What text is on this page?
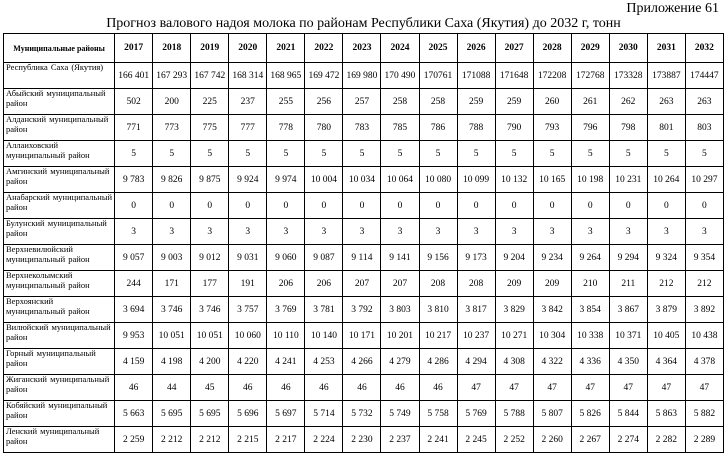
Приложение 61
Прогноз валового надоя молока по районам Республики Саха (Якутия) до 2032 г, тонн
Муниципальные районы	2017	2018	2019	2020	2021	2022	2023	2024	2025	2026	2027	2028	2029	2030	2031	2032
Республика Саха (Якутия)	166 401	167 293	167 742	168 314	168 965	169 472	169 980	170 490	170761	171088	171648	172208	172768	173328	173887	174447
Абыйский муниципальный район	502	200	225	237	255	256	257	258	258	259	259	260	261	262	263	263
Алданский муниципальный район	771	773	775	777	778	780	783	785	786	788	790	793	796	798	801	803
Аллаиховский муниципальный район	5	5	5	5	5	5	5	5	5	5	5	5	5	5	5	5
Амгинский муниципальный район	9 783	9 826	9 875	9 924	9 974	10 004	10 034	10 064	10 080	10 099	10 132	10 165	10 198	10 231	10 264	10 297
Анабарский муниципальный район	0	0	0	0	0	0	0	0	0	0	0	0	0	0	0	0
Булунский муниципальный район	3	3	3	3	3	3	3	3	3	3	3	3	3	3	3	3
Верхневилюйский муниципальный район	9 057	9 003	9 012	9 031	9 060	9 087	9 114	9 141	9 156	9 173	9 204	9 234	9 264	9 294	9 324	9 354
Верхнеколымский муниципальный район	244	171	177	191	206	206	207	207	208	208	209	209	210	211	212	212
Верхоянский муниципальный район	3 694	3 746	3 746	3 757	3 769	3 781	3 792	3 803	3 810	3 817	3 829	3 842	3 854	3 867	3 879	3 892
Вилюйский муниципальный район	9 953	10 051	10 051	10 060	10 110	10 140	10 171	10 201	10 217	10 237	10 271	10 304	10 338	10 371	10 405	10 438
Горный муниципальный район	4 159	4 198	4 200	4 220	4 241	4 253	4 266	4 279	4 286	4 294	4 308	4 322	4 336	4 350	4 364	4 378
Жиганский муниципальный район	46	44	45	46	46	46	46	46	46	47	47	47	47	47	47	47
Кобяйский муниципальный район	5 663	5 695	5 695	5 696	5 697	5 714	5 732	5 749	5 758	5 769	5 788	5 807	5 826	5 844	5 863	5 882
Ленский муниципальный район	2 259	2 212	2 212	2 215	2 217	2 224	2 230	2 237	2 241	2 245	2 252	2 260	2 267	2 274	2 282	2 289
